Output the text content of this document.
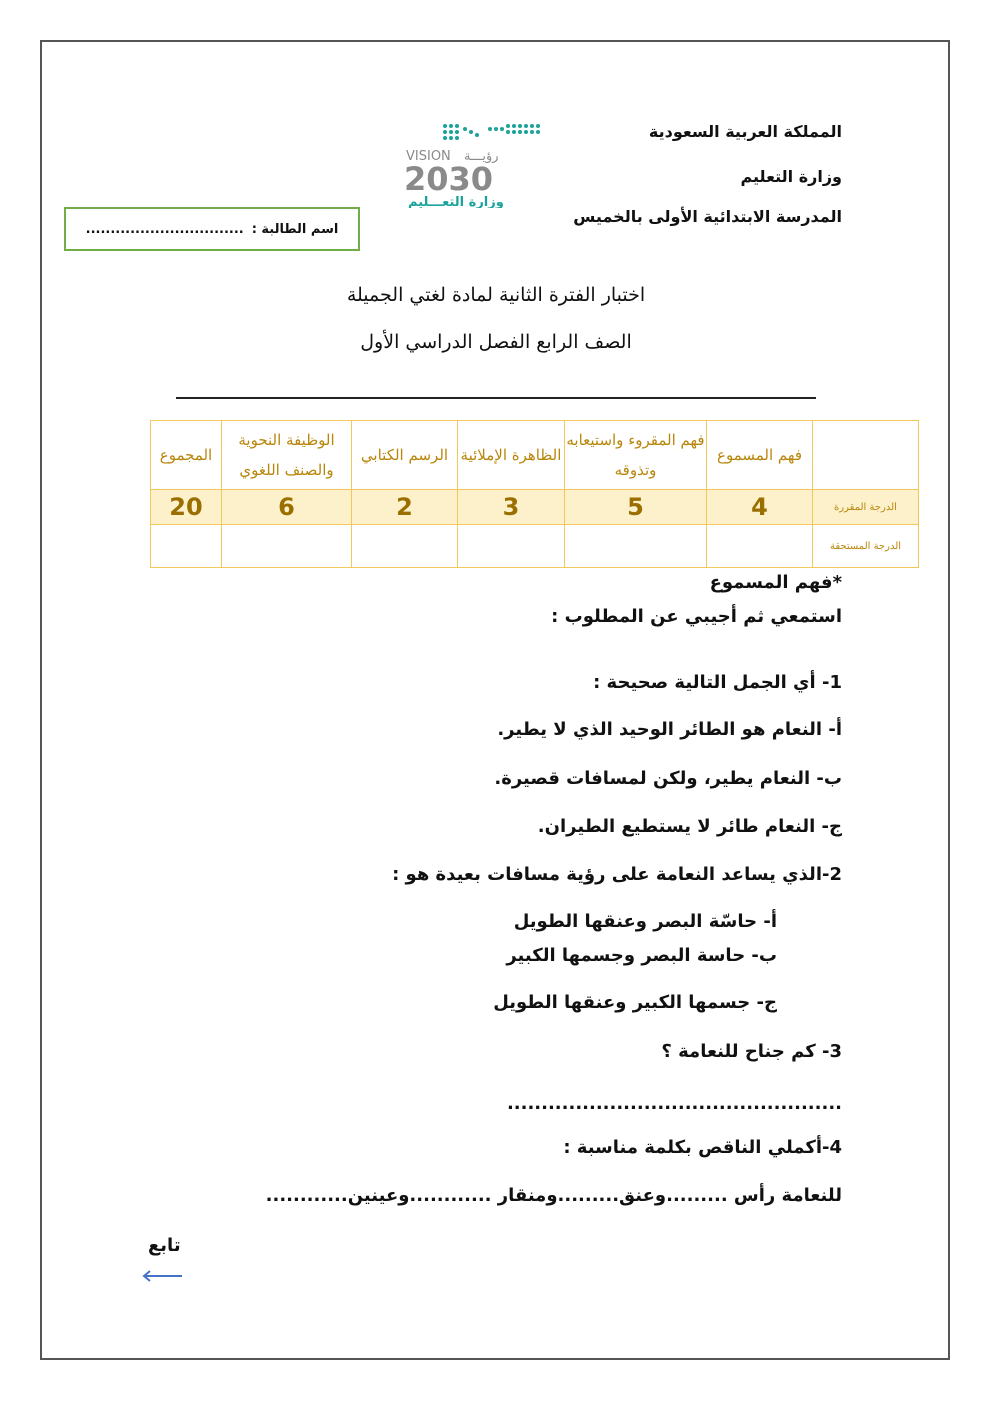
المملكة العربية السعودية
وزارة التعليم
المدرسة الابتدائية الأولى بالخميس
VISION رؤيـــة
2030
وزارة التعـــليم
اسم الطالبة :
................................
اختبار الفترة الثانية لمادة لغتي الجميلة
الصف الرابع الفصل الدراسي الأول
	فهم المسموع	فهم المقروء واستيعابه وتذوقه	الظاهرة الإملائية	الرسم الكتابي	الوظيفة النحوية والصنف اللغوي	المجموع
الدرجة المقررة	4	5	3	2	6	20
الدرجة المستحقة						
*فهم المسموع
استمعي ثم أجيبي عن المطلوب :
1- أي الجمل التالية صحيحة :
أ- النعام هو الطائر الوحيد الذي لا يطير.
ب- النعام يطير، ولكن لمسافات قصيرة.
ج- النعام طائر لا يستطيع الطيران.
2-الذي يساعد النعامة على رؤية مسافات بعيدة هو :
أ- حاسّة البصر وعنقها الطويل
ب- حاسة البصر وجسمها الكبير
ج- جسمها الكبير وعنقها الطويل
3- كم جناح للنعامة ؟
.................................................
4-أكملي الناقص بكلمة مناسبة :
للنعامة رأس .........وعنق.........ومنقار ............وعينين............
تابع
